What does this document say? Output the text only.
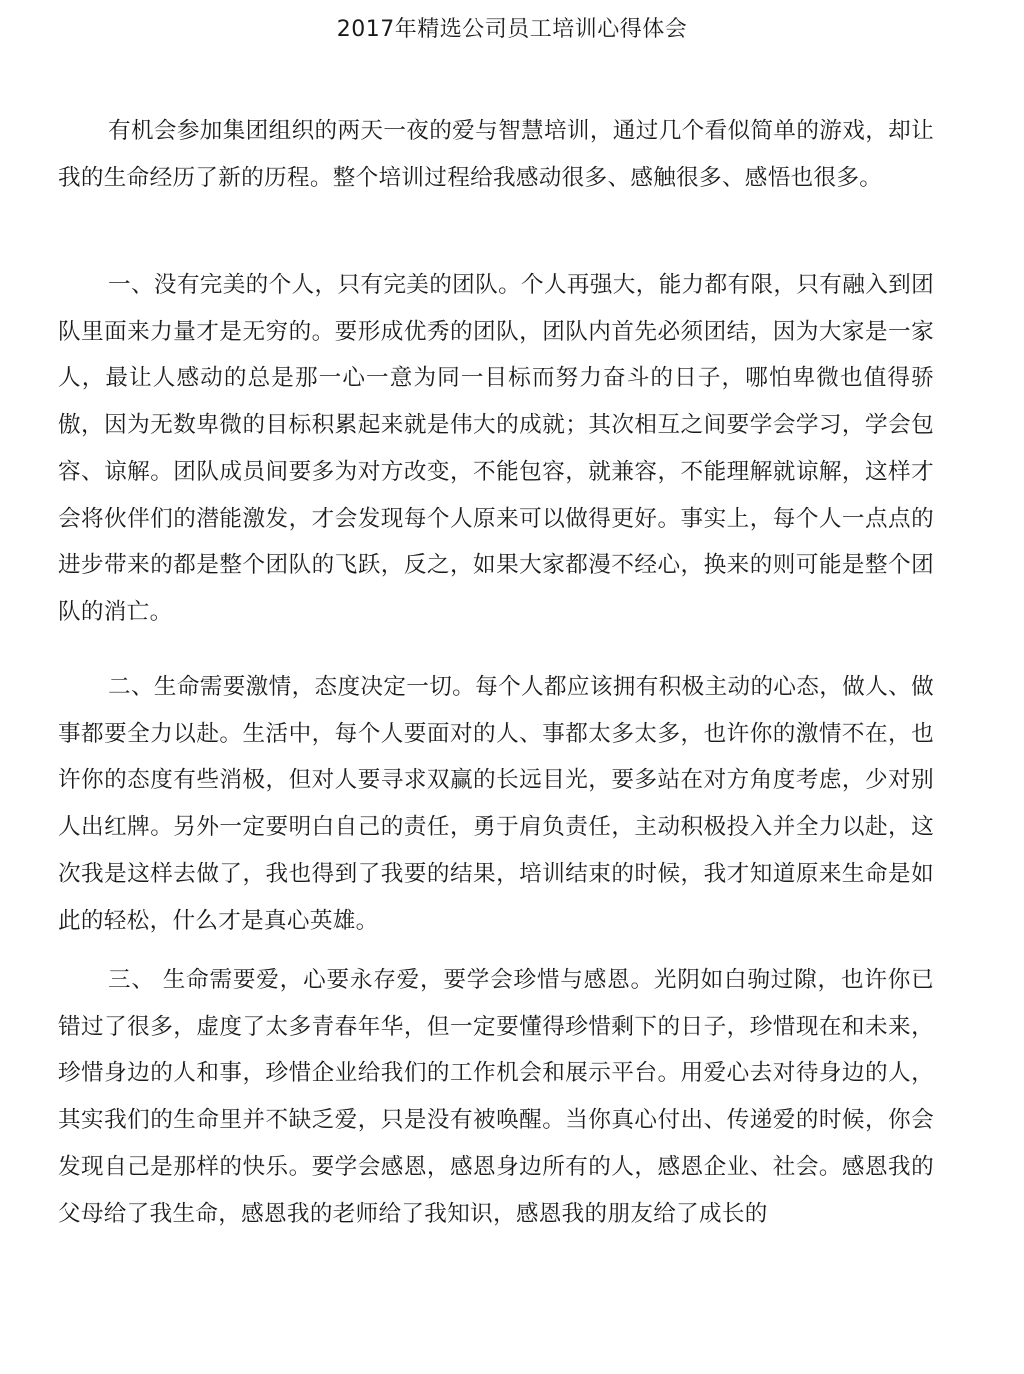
2017年精选公司员工培训心得体会

有机会参加集团组织的两天一夜的爱与智慧培训，通过几个看似简单的游戏，却让我的生命经历了新的历程。整个培训过程给我感动很多、感触很多、感悟也很多。

一、没有完美的个人，只有完美的团队。个人再强大，能力都有限，只有融入到团队里面来力量才是无穷的。要形成优秀的团队，团队内首先必须团结，因为大家是一家人，最让人感动的总是那一心一意为同一目标而努力奋斗的日子，哪怕卑微也值得骄傲，因为无数卑微的目标积累起来就是伟大的成就；其次相互之间要学会学习，学会包容、谅解。团队成员间要多为对方改变，不能包容，就兼容，不能理解就谅解，这样才会将伙伴们的潜能激发，才会发现每个人原来可以做得更好。事实上，每个人一点点的进步带来的都是整个团队的飞跃，反之，如果大家都漫不经心，换来的则可能是整个团队的消亡。

二、生命需要激情，态度决定一切。每个人都应该拥有积极主动的心态，做人、做事都要全力以赴。生活中，每个人要面对的人、事都太多太多，也许你的激情不在，也许你的态度有些消极，但对人要寻求双赢的长远目光，要多站在对方角度考虑，少对别人出红牌。另外一定要明白自己的责任，勇于肩负责任，主动积极投入并全力以赴，这次我是这样去做了，我也得到了我要的结果，培训结束的时候，我才知道原来生命是如此的轻松，什么才是真心英雄。

三、 生命需要爱，心要永存爱，要学会珍惜与感恩。光阴如白驹过隙，也许你已错过了很多，虚度了太多青春年华，但一定要懂得珍惜剩下的日子，珍惜现在和未来，珍惜身边的人和事，珍惜企业给我们的工作机会和展示平台。用爱心去对待身边的人，其实我们的生命里并不缺乏爱，只是没有被唤醒。当你真心付出、传递爱的时候，你会发现自己是那样的快乐。要学会感恩，感恩身边所有的人，感恩企业、社会。感恩我的父母给了我生命，感恩我的老师给了我知识，感恩我的朋友给了成长的
